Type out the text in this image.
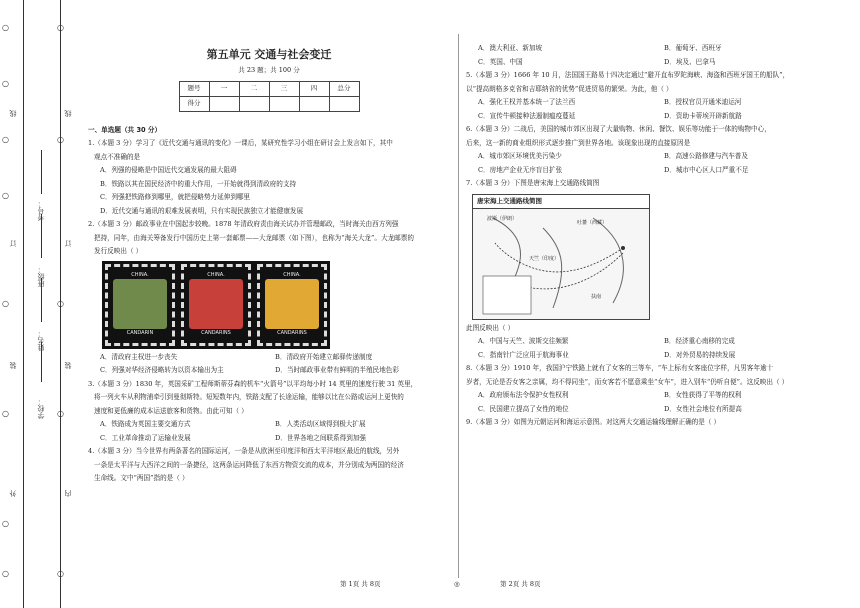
○
○
○
○
○
○
○
○
线
订
装
外
○
○
○
○
○
线
订
装
内
学校：
姓名：
班级：
考号：
第五单元 交通与社会变迁
共 23 题；共 100 分
题号	一	二	三	四	总分
得分					

一、单选题（共 30 分）

1.（本题 3 分）学习了《近代交通与通讯的变化》一课后，某研究性学习小组在研讨会上发言如下，其中

观点不准确的是

A．列强的侵略是中国近代交通发展的最大阻碍

B．铁路以其在国民经济中的重大作用，一开始就得到清政府的支持

C．列强把铁路修到哪里，就把侵略势力延伸到哪里

D．近代交通与通讯的艰难发展表明，只有实现民族独立才能健康发展

2.（本题 3 分）邮政事业在中国起步较晚。1878 年清政府责由海关试办并管理邮政，当时海关由西方列强

把持，同年，由海关筹备发行中国历史上第一套邮票——大龙邮票（如下图），也称为“海关大龙”。大龙邮票的

发行反映出（ ）

CHINA.
CANDARIN
CHINA.
CANDARINS
CHINA.
CANDARINS
A．清政府主权进一步丧失	B．清政府开始建立邮驿传递制度
C．列强对华经济侵略转为以资本输出为主	D．当时邮政事业带有鲜明的半殖民地色彩

3.（本题 3 分）1830 年，英国采矿工程师斯蒂芬森的机车“火箭号”以平均每小时 14 英里的速度行驶 31 英里，

将一列火车从利物浦牵引到曼彻斯特。短短数年内，铁路支配了长途运输，能够以比在公路或运河上更快的

速度和更低廉的成本运送旅客和货物。由此可知（ ）

A．铁路成为英国主要交通方式	B．人类活动区域得到极大扩展
C．工业革命推动了运输业发展	D．世界各地之间联系得到加强

4.（本题 3 分）当今世界有两条著名的国际运河，一条是从欧洲至印度洋和西太平洋地区最近的航线，另外

一条是太平洋与大西洋之间的一条捷径，这两条运河降低了东西方物资交流的成本，并分别成为两国的经济

生命线。文中“两国”指的是（ ）

A．澳大利亚、新加坡	B．葡萄牙、西班牙
C．英国、中国	D．埃及、巴拿马

5.（本题 3 分）1666 年 10 月，法国国王路易十四决定通过“避开直布罗陀海峡、海盗和西班牙国王的船队”，

以“提高朗格多克省和吉耶纳省的优势”促进贸易的繁荣。为此，他（ ）

A．强化王权并基本统一了法兰西	B．授权官员开通米迪运河
C．宣传牛顿接种法遏制瘟疫蔓延	D．资助卡蒂埃开辟新航路

6.（本题 3 分）二战后，美国的城市郊区出现了大量购物、休闲、餐饮、娱乐等功能于一体的购物中心，

后来，这一新的商业组织形式逐步推广到世界各地。该现象出现的直接原因是

A．城市郊区环境优美污染少	B．高速公路修建与汽车普及
C．房地产企业无序盲目扩张	D．城市中心区人口严重不足

7.（本题 3 分）下图是唐宋海上交通路线简图

唐宋海上交通路线简图
波斯（伊朗）
吐蕃（西藏）
天竺（印度）
扶南

此图反映出（ ）

A．中国与天竺、波斯交往频繁	B．经济重心南移的完成
C．指南针广泛应用于航海事业	D．对外贸易的持续发展

8.（本题 3 分）1910 年，我国沪宁铁路上就有了女客的三等车，“车上标有女客座位字样，凡男客年逾十

岁者，无论是否女客之亲属，均不得同坐”，而女客若不愿意乘坐“女车”，进入别车“仍听自便”。这反映出（ ）

A．政府颁布法令保护女性权利	B．女性获得了平等的权利
C．民国建立提高了女性的地位	D．女性社会地位有所提高

9.（本题 3 分）如图为元朝运河和海运示意图。对这两大交通运输线理解正确的是（ ）

第 1页 共 8页	◎	第 2页 共 8页
